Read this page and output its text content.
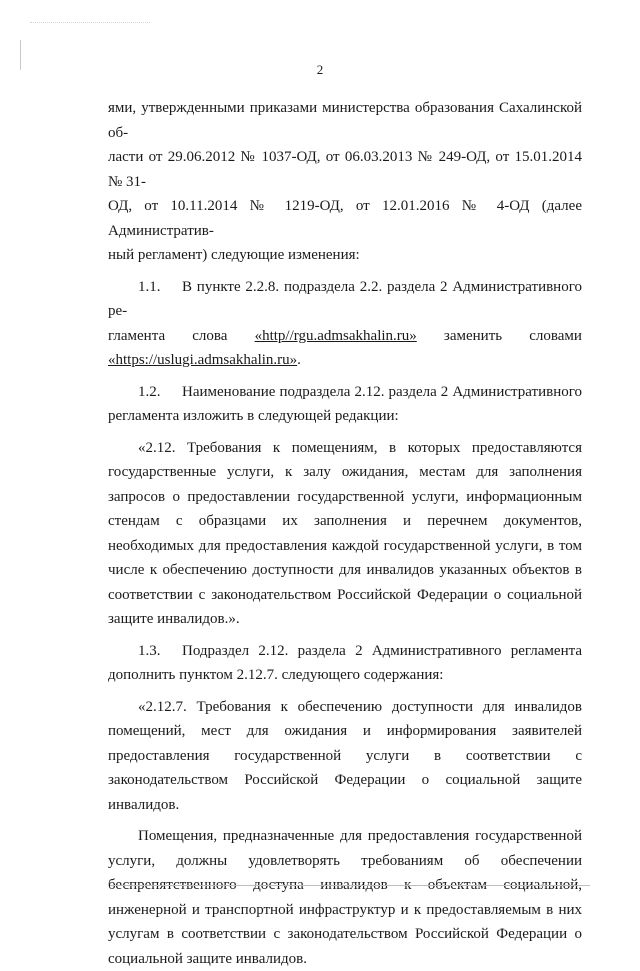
2

ями, утвержденными приказами министерства образования Сахалинской об-

ласти от 29.06.2012 № 1037-ОД, от 06.03.2013 № 249-ОД, от 15.01.2014 № 31-

ОД, от 10.11.2014 № 1219-ОД, от 12.01.2016 № 4-ОД (далее Административ-

ный регламент) следующие изменения:

1.1. В пункте 2.2.8. подраздела 2.2. раздела 2 Административного ре-

гламента слова «http//rgu.admsakhalin.ru» заменить словами

«https://uslugi.admsakhalin.ru».

1.2. Наименование подраздела 2.12. раздела 2 Административного регламента изложить в следующей редакции:

«2.12. Требования к помещениям, в которых предоставляются государственные услуги, к залу ожидания, местам для заполнения запросов о предоставлении государственной услуги, информационным стендам с образцами их заполнения и перечнем документов, необходимых для предоставления каждой государственной услуги, в том числе к обеспечению доступности для инвалидов указанных объектов в соответствии с законодательством Российской Федерации о социальной защите инвалидов.».

1.3. Подраздел 2.12. раздела 2 Административного регламента дополнить пунктом 2.12.7. следующего содержания:

«2.12.7. Требования к обеспечению доступности для инвалидов помещений, мест для ожидания и информирования заявителей предоставления государственной услуги в соответствии с законодательством Российской Федерации о социальной защите инвалидов.

Помещения, предназначенные для предоставления государственной услуги, должны удовлетворять требованиям об обеспечении беспрепятственного доступа инвалидов к объектам социальной, инженерной и транспортной инфраструктур и к предоставляемым в них услугам в соответствии с законодательством Российской Федерации о социальной защите инвалидов.
